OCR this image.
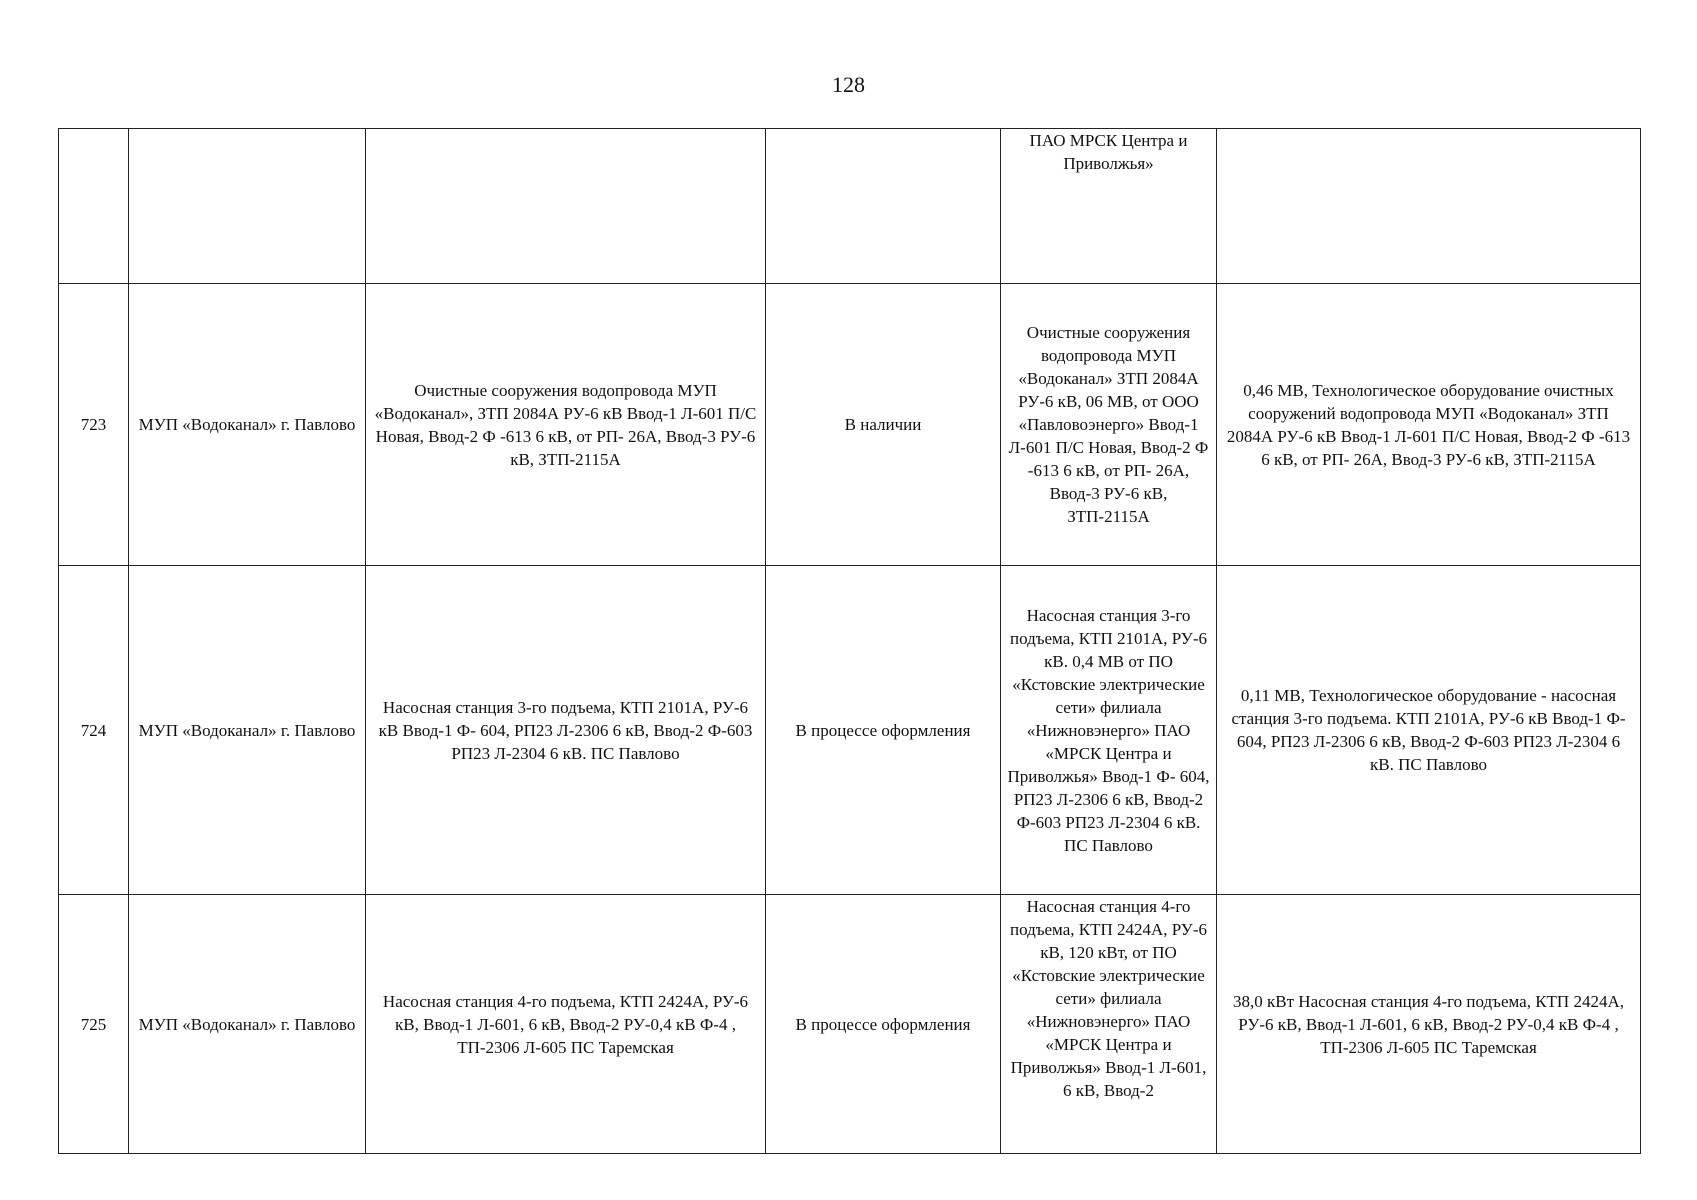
128

				ПАО МРСК Центра и Приволжья»	

723	МУП «Водоканал» г. Павлово	Очистные сооружения водопровода МУП «Водоканал», ЗТП 2084А РУ-6 кВ Ввод-1 Л-601 П/С Новая, Ввод-2 Ф -613 6 кВ, от РП- 26А, Ввод-3 РУ-6 кВ, ЗТП-2115А	В наличии	Очистные сооружения водопровода МУП «Водоканал» ЗТП 2084А РУ-6 кВ, 06 МВ, от ООО «Павловоэнерго» Ввод-1 Л-601 П/С Новая, Ввод-2 Ф -613 6 кВ, от РП- 26А, Ввод-3 РУ-6 кВ, ЗТП-2115А	0,46 МВ, Технологическое оборудование очистных сооружений водопровода МУП «Водоканал» ЗТП 2084А РУ-6 кВ Ввод-1 Л-601 П/С Новая, Ввод-2 Ф -613 6 кВ, от РП- 26А, Ввод-3 РУ-6 кВ, ЗТП-2115А
724	МУП «Водоканал» г. Павлово	Насосная станция 3-го подъема, КТП 2101А, РУ-6 кВ Ввод-1 Ф- 604, РП23 Л-2306 6 кВ, Ввод-2 Ф-603 РП23 Л-2304 6 кВ. ПС Павлово	В процессе оформления	Насосная станция 3-го подъема, КТП 2101А, РУ-6 кВ. 0,4 МВ от ПО «Кстовские электрические сети» филиала «Нижновэнерго» ПАО «МРСК Центра и Приволжья» Ввод-1 Ф- 604, РП23 Л-2306 6 кВ, Ввод-2 Ф-603 РП23 Л-2304 6 кВ. ПС Павлово	0,11 МВ, Технологическое оборудование - насосная станция 3-го подъема. КТП 2101А, РУ-6 кВ Ввод-1 Ф- 604, РП23 Л-2306 6 кВ, Ввод-2 Ф-603 РП23 Л-2304 6 кВ. ПС Павлово
725	МУП «Водоканал» г. Павлово	Насосная станция 4-го подъема, КТП 2424А, РУ-6 кВ, Ввод-1 Л-601, 6 кВ, Ввод-2 РУ-0,4 кВ Ф-4 , ТП-2306 Л-605 ПС Таремская	В процессе оформления	Насосная станция 4-го подъема, КТП 2424А, РУ-6 кВ, 120 кВт, от ПО «Кстовские электрические сети» филиала «Нижновэнерго» ПАО «МРСК Центра и Приволжья» Ввод-1 Л-601, 6 кВ, Ввод-2	38,0 кВт Насосная станция 4-го подъема, КТП 2424А, РУ-6 кВ, Ввод-1 Л-601, 6 кВ, Ввод-2 РУ-0,4 кВ Ф-4 , ТП-2306 Л-605 ПС Таремская
